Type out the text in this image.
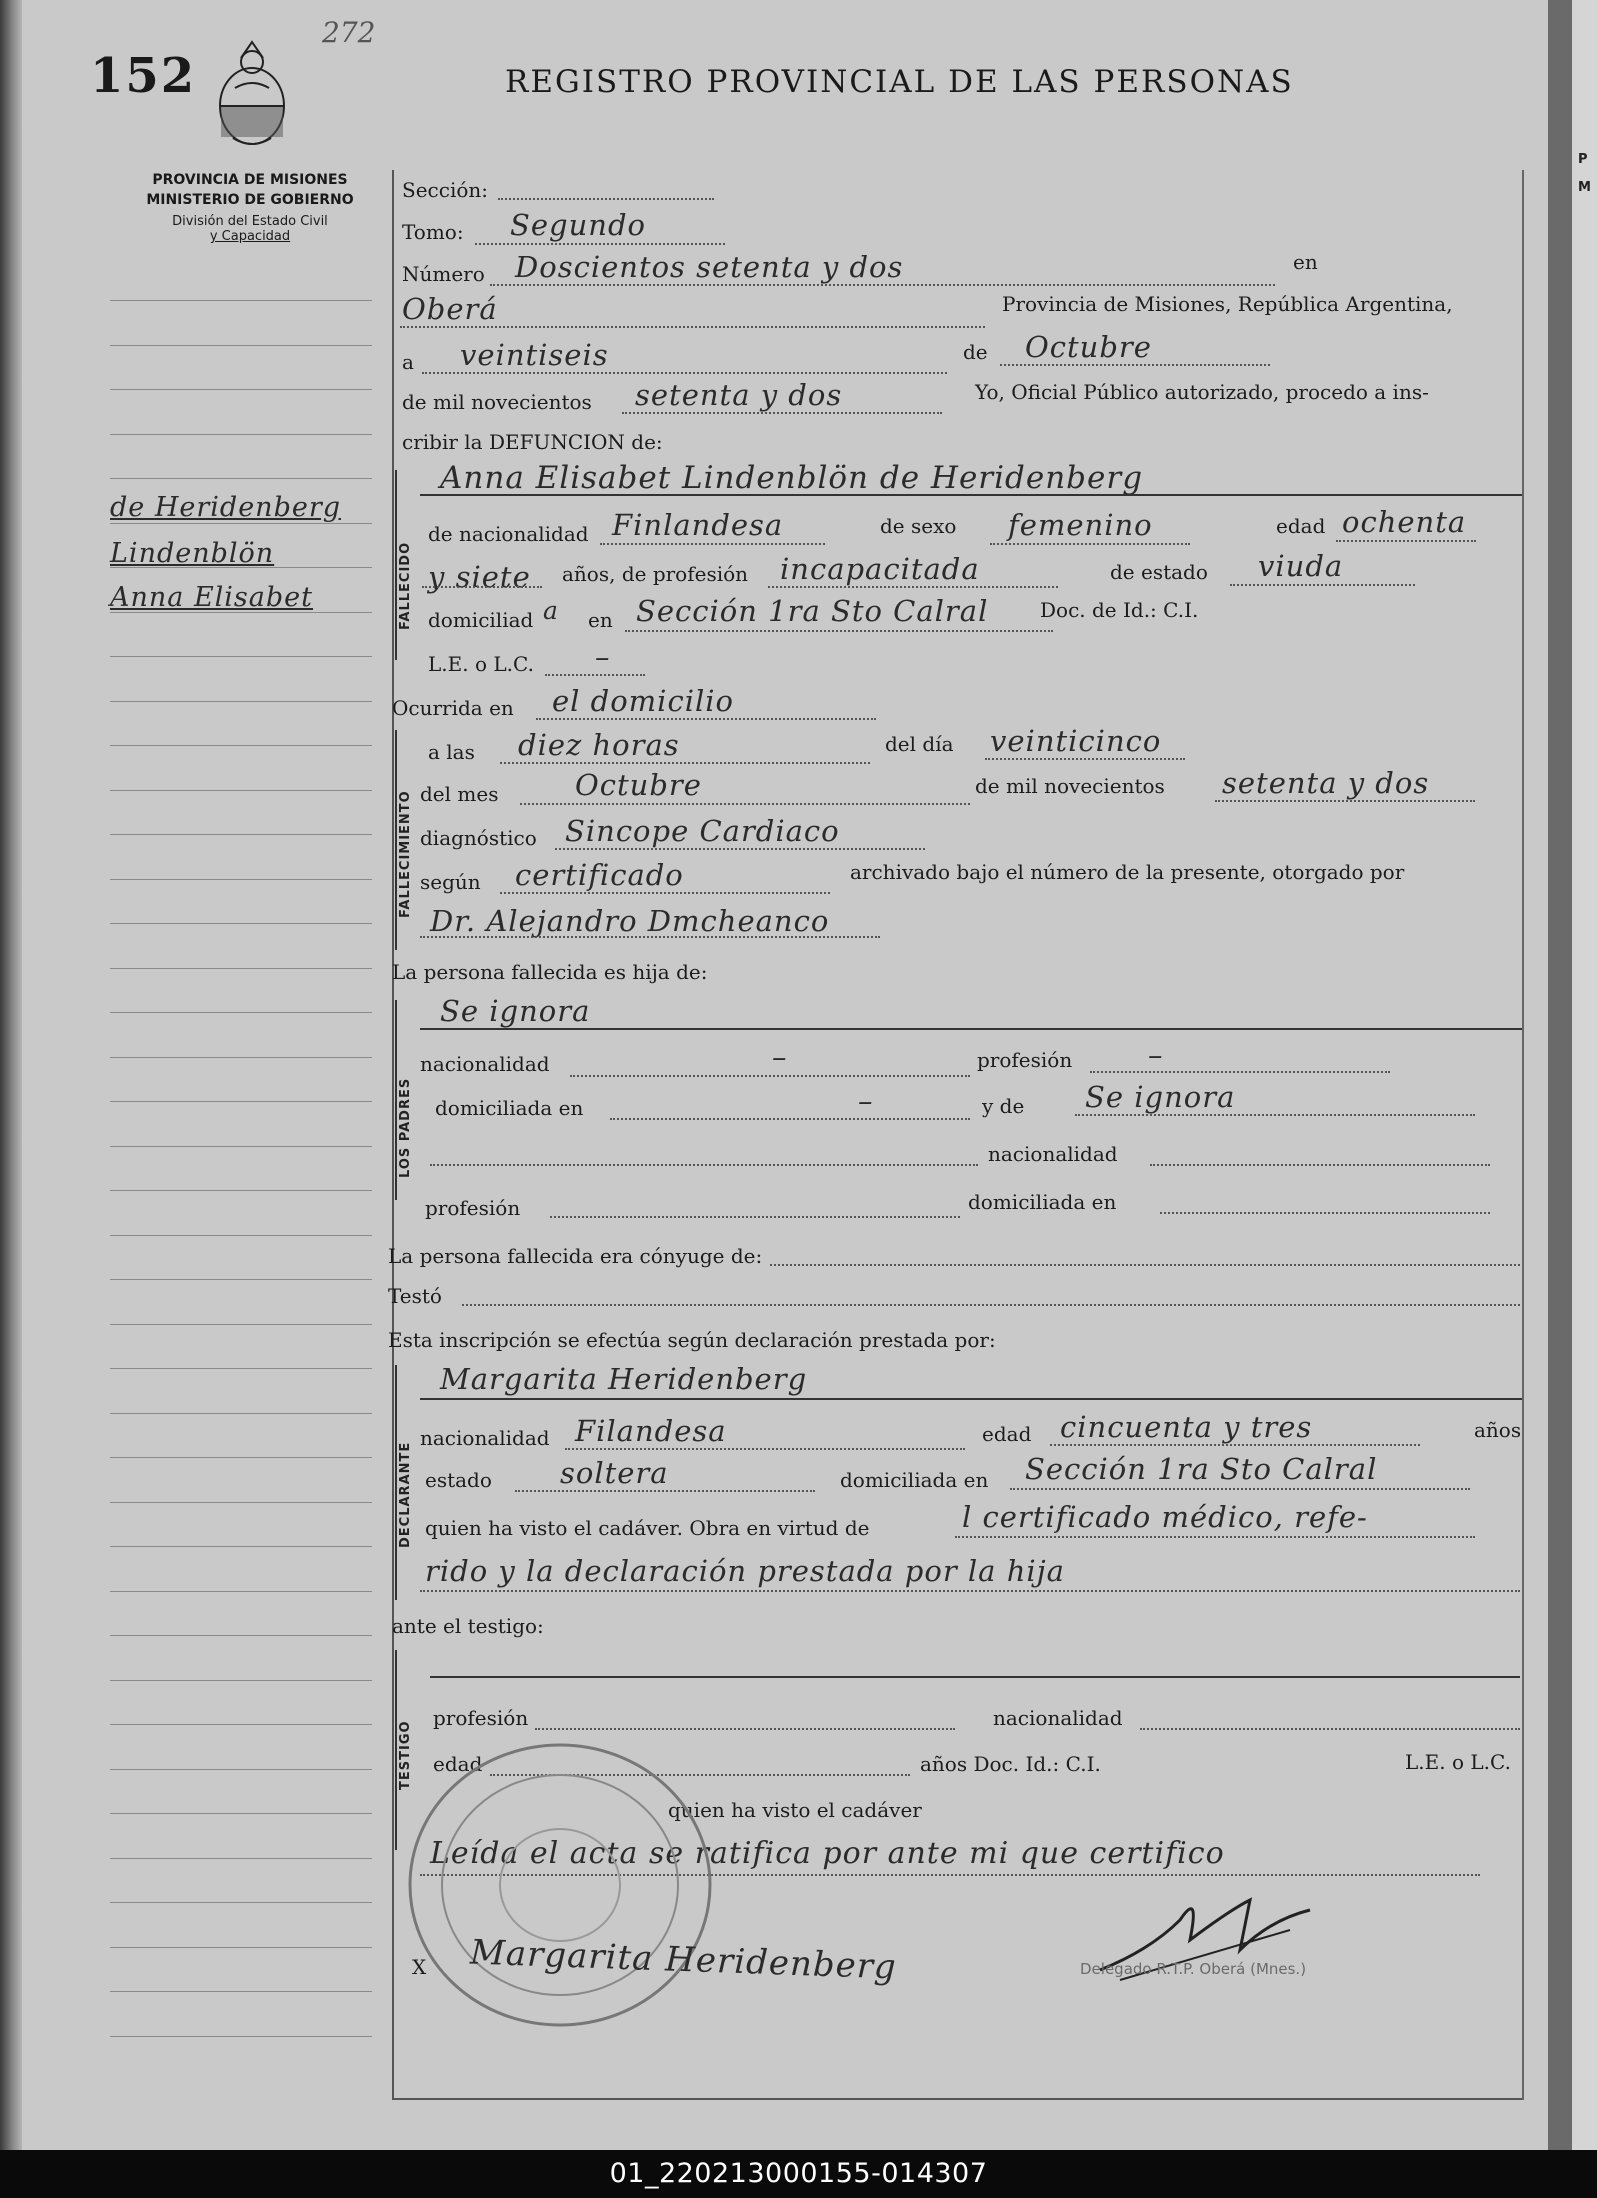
272
152	REGISTRO PROVINCIAL DE LAS PERSONAS
PROVINCIA DE MISIONES
MINISTERIO DE GOBIERNO
División del Estado Civil
y Capacidad
de Heridenberg
Lindenblön
Anna Elisabet
Sección:
Tomo: Segundo
Número Doscientos setenta y dos	en
Oberá	Provincia de Misiones, República Argentina,
a veintiseis	de Octubre
de mil novecientos setenta y dos	Yo, Oficial Público autorizado, procedo a ins-
cribir la DEFUNCION de:
FALLECIDO
Anna Elisabet Lindenblön de Heridenberg
de nacionalidad Finlandesa	de sexo femenino	edad ochenta
y siete años, de profesión incapacitada	de estado viuda
domiciliad a en Sección 1ra Sto Calral	Doc. de Id.: C.I.
L.E. o L.C. –
Ocurrida en el domicilio
FALLECIMIENTO
a las diez horas	del día veinticinco
del mes	Octubre	de mil novecientos setenta y dos
diagnóstico Sincope Cardiaco
según certificado	archivado bajo el número de la presente, otorgado por
Dr. Alejandro Dmcheanco
La persona fallecida es hija de:
LOS PADRES
Se ignora
nacionalidad	–	profesión	–
domiciliada en	–	y de Se ignora
nacionalidad
profesión	domiciliada en
La persona fallecida era cónyuge de:
Testó
Esta inscripción se efectúa según declaración prestada por:
DECLARANTE
Margarita Heridenberg
nacionalidad Filandesa	edad cincuenta y tres	años
estado soltera	domiciliada en Sección 1ra Sto Calral
quien ha visto el cadáver. Obra en virtud de	l certificado médico, refe-
rido y la declaración prestada por la hija
ante el testigo:
TESTIGO
profesión	nacionalidad
edad	años Doc. Id.: C.I.	L.E. o L.C.
quien ha visto el cadáver
Leída el acta se ratifica por ante mi que certifico
X Margarita Heridenberg	Delegado R.T.P. Oberá (Mnes.)
P
M
01_220213000155-014307
